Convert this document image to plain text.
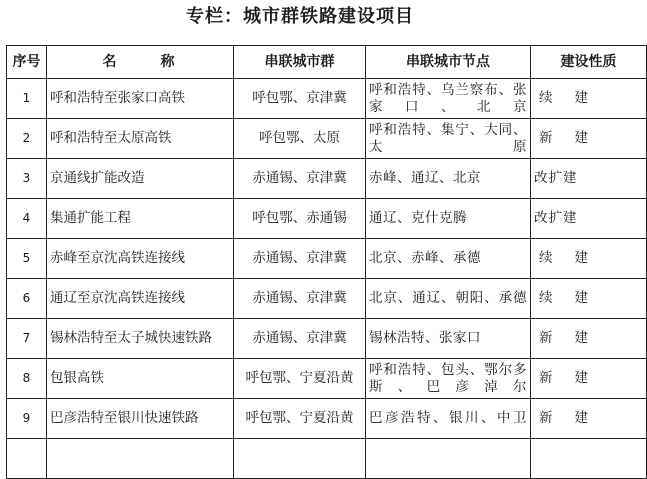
专栏：城市群铁路建设项目
序号	名称	串联城市群	串联城市节点	建设性质
1	呼和浩特至张家口高铁	呼包鄂、京津冀	呼和浩特、乌兰察布、张家口、北京	续建
2	呼和浩特至太原高铁	呼包鄂、太原	呼和浩特、集宁、大同、太原	新建
3	京通线扩能改造	赤通锡、京津冀	赤峰、通辽、北京	改扩建
4	集通扩能工程	呼包鄂、赤通锡	通辽、克什克腾	改扩建
5	赤峰至京沈高铁连接线	赤通锡、京津冀	北京、赤峰、承德	续建
6	通辽至京沈高铁连接线	赤通锡、京津冀	北京、通辽、朝阳、承德	续建
7	锡林浩特至太子城快速铁路	赤通锡、京津冀	锡林浩特、张家口	新建
8	包银高铁	呼包鄂、宁夏沿黄	呼和浩特、包头、鄂尔多斯、巴彦淖尔	新建
9	巴彦浩特至银川快速铁路	呼包鄂、宁夏沿黄	巴彦浩特、银川、中卫	新建
